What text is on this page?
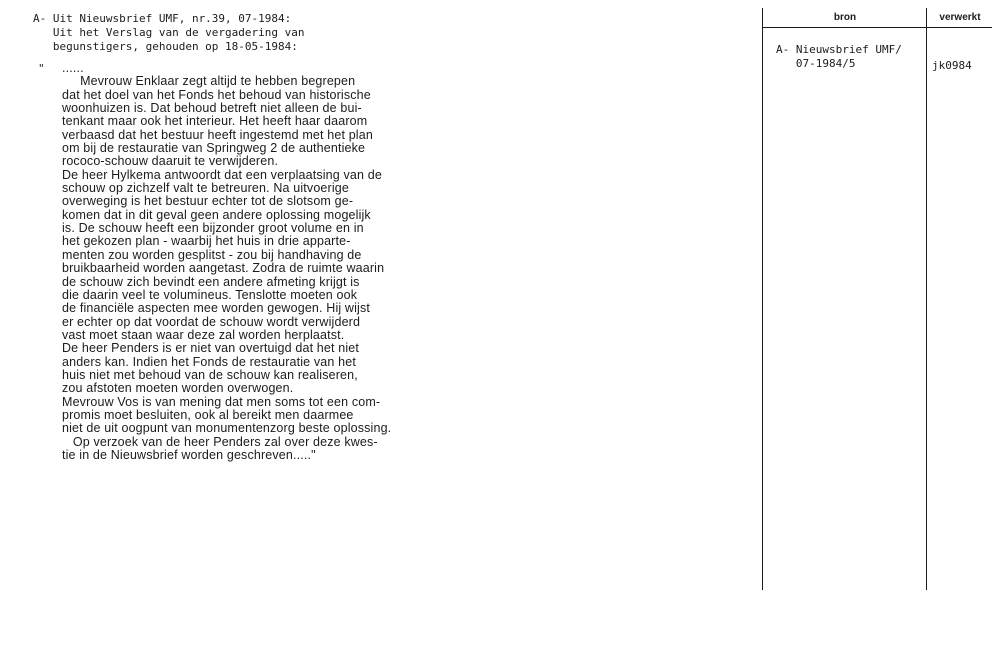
A- Uit Nieuwsbrief UMF, nr.39, 07-1984:
Uit het Verslag van de vergadering van
begunstigers, gehouden op 18-05-1984:
" ......
Mevrouw Enklaar zegt altijd te hebben begrepen
dat het doel van het Fonds het behoud van historische
woonhuizen is. Dat behoud betreft niet alleen de bui-
tenkant maar ook het interieur. Het heeft haar daarom
verbaasd dat het bestuur heeft ingestemd met het plan
om bij de restauratie van Springweg 2 de authentieke
rococo-schouw daaruit te verwijderen.
De heer Hylkema antwoordt dat een verplaatsing van de
schouw op zichzelf valt te betreuren. Na uitvoerige
overweging is het bestuur echter tot de slotsom ge-
komen dat in dit geval geen andere oplossing mogelijk
is. De schouw heeft een bijzonder groot volume en in
het gekozen plan - waarbij het huis in drie apparte-
menten zou worden gesplitst - zou bij handhaving de
bruikbaarheid worden aangetast. Zodra de ruimte waarin
de schouw zich bevindt een andere afmeting krijgt is
die daarin veel te volumineus. Tenslotte moeten ook
de financiële aspecten mee worden gewogen. Hij wijst
er echter op dat voordat de schouw wordt verwijderd
vast moet staan waar deze zal worden herplaatst.
De heer Penders is er niet van overtuigd dat het niet
anders kan. Indien het Fonds de restauratie van het
huis niet met behoud van de schouw kan realiseren,
zou afstoten moeten worden overwogen.
Mevrouw Vos is van mening dat men soms tot een com-
promis moet besluiten, ook al bereikt men daarmee
niet de uit oogpunt van monumentenzorg beste oplossing.
Op verzoek van de heer Penders zal over deze kwes-
tie in de Nieuwsbrief worden geschreven....."
bron	verwerkt
A- Nieuwsbrief UMF/
07-1984/5	jk0984
